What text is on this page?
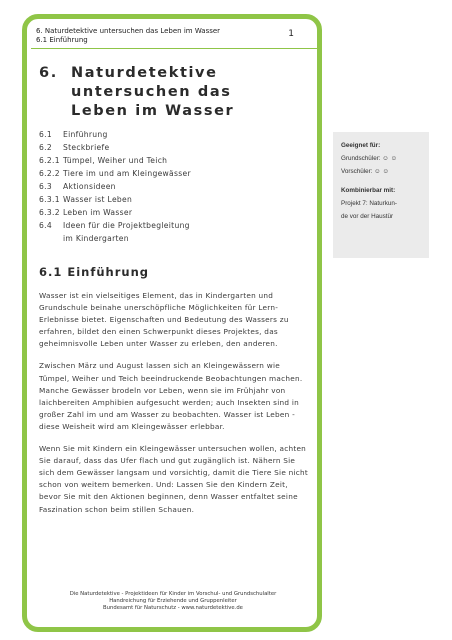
6. Naturdetektive untersuchen das Leben im Wasser
6.1 Einführung
1
6. Naturdetektive
untersuchen das
Leben im Wasser
6.1	Einführung
6.2	Steckbriefe
6.2.1 Tümpel, Weiher und Teich
6.2.2 Tiere im und am Kleingewässer
6.3	Aktionsideen
6.3.1 Wasser ist Leben
6.3.2 Leben im Wasser
6.4	Ideen für die Projektbegleitung
im Kindergarten
6.1 Einführung

Wasser ist ein vielseitiges Element, das in Kindergarten und Grundschule beinahe unerschöpfliche Möglichkeiten für Lern-Erlebnisse bietet. Eigenschaften und Bedeutung des Wassers zu erfahren, bildet den einen Schwerpunkt dieses Projektes, das geheimnisvolle Leben unter Wasser zu erleben, den anderen.

Zwischen März und August lassen sich an Kleingewässern wie Tümpel, Weiher und Teich beeindruckende Beobachtungen machen. Manche Gewässer brodeln vor Leben, wenn sie im Frühjahr von laichbereiten Amphibien aufgesucht werden; auch Insekten sind in großer Zahl im und am Wasser zu beobachten. Wasser ist Leben - diese Weisheit wird am Kleingewässer erlebbar.

Wenn Sie mit Kindern ein Kleingewässer untersuchen wollen, achten Sie darauf, dass das Ufer flach und gut zugänglich ist. Nähern Sie sich dem Gewässer langsam und vorsichtig, damit die Tiere Sie nicht schon von weitem bemerken. Und: Lassen Sie den Kindern Zeit, bevor Sie mit den Aktionen beginnen, denn Wasser entfaltet seine Faszination schon beim stillen Schauen.

Geeignet für:
Grundschüler: ☺☺
Vorschüler: ☺☺
Kombinierbar mit:
Projekt 7: Naturkun-
de vor der Haustür
Die Naturdetektive - Projektideen für Kinder im Vorschul- und Grundschulalter
Handreichung für Erziehende und Gruppenleiter
Bundesamt für Naturschutz - www.naturdetektive.de
